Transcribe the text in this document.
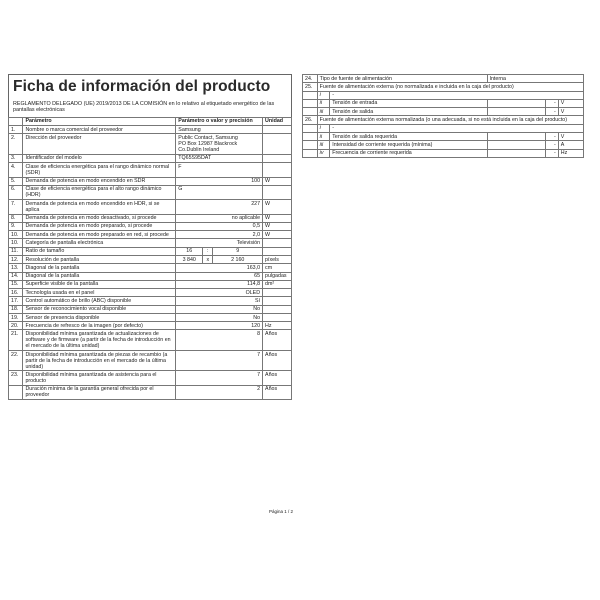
Ficha de información del producto
REGLAMENTO DELEGADO (UE) 2019/2013 DE LA COMISIÓN en lo relativo al etiquetado energético de las pantallas electrónicas
	Parámetro	Parámetro o valor y precisión			Unidad
1.	Nombre o marca comercial del proveedor	Samsung			
2.	Dirección del proveedor	Public Contact, Samsung
PO Box 12987 Blackrock
Co.Dublin Ireland			

3.	Identificador del modelo	TQ65S95DAT			
4.	Clase de eficiencia energética para el rango dinámico normal (SDR)	F			
5.	Demanda de potencia en modo encendido en SDR	100			W
6.	Clase de eficiencia energética para el alto rango dinámico (HDR)	G			
7.	Demanda de potencia en modo encendido en HDR, si se aplica	227			W
8.	Demanda de potencia en modo desactivado, si procede	no aplicable			W
9.	Demanda de potencia en modo preparado, si procede	0,5			W
10.	Demanda de potencia en modo preparado en red, si procede	2,0			W
10.	Categoría de pantalla electrónica	Televisión			
11.	Ratio de tamaño	16	:	9	
12.	Resolución de pantalla	3 840	x	2 160	píxels
13.	Diagonal de la pantalla	163,0			cm
14.	Diagonal de la pantalla	65			pulgadas
15.	Superficie visible de la pantalla	114,8			dm²
16.	Tecnología usada en el panel	OLED			
17.	Control automático de brillo (ABC) disponible	Sí			
18.	Sensor de reconocimiento vocal disponible	No			
19.	Sensor de presencia disponible	No			
20.	Frecuencia de refresco de la imagen (por defecto)	120			Hz
21.	Disponibilidad mínima garantizada de actualizaciones de software y de firmware (a partir de la fecha de introducción en el mercado de la última unidad)	8			Años
22.	Disponibilidad mínima garantizada de piezas de recambio (a partir de la fecha de introducción en el mercado de la última unidad)	7			Años
23.	Disponibilidad mínima garantizada de asistencia para el producto	7			Años
	Duración mínima de la garantía general ofrecida por el proveedor	2			Años
24.	Tipo de fuente de alimentación		Interna		
25.	Fuente de alimentación externa (no normalizada e incluida en la caja del producto)				
	i	-			
	ii	Tensión de entrada		-	V
	iii	Tensión de salida		-	V
26.	Fuente de alimentación externa normalizada (o una adecuada, si no está incluida en la caja del producto)				
	i	-			
	ii	Tensión de salida requerida		-	V
	iii	Intensidad de corriente requerida (mínima)		-	A
	iv	Frecuencia de corriente requerida		-	Hz
Página 1 / 2
